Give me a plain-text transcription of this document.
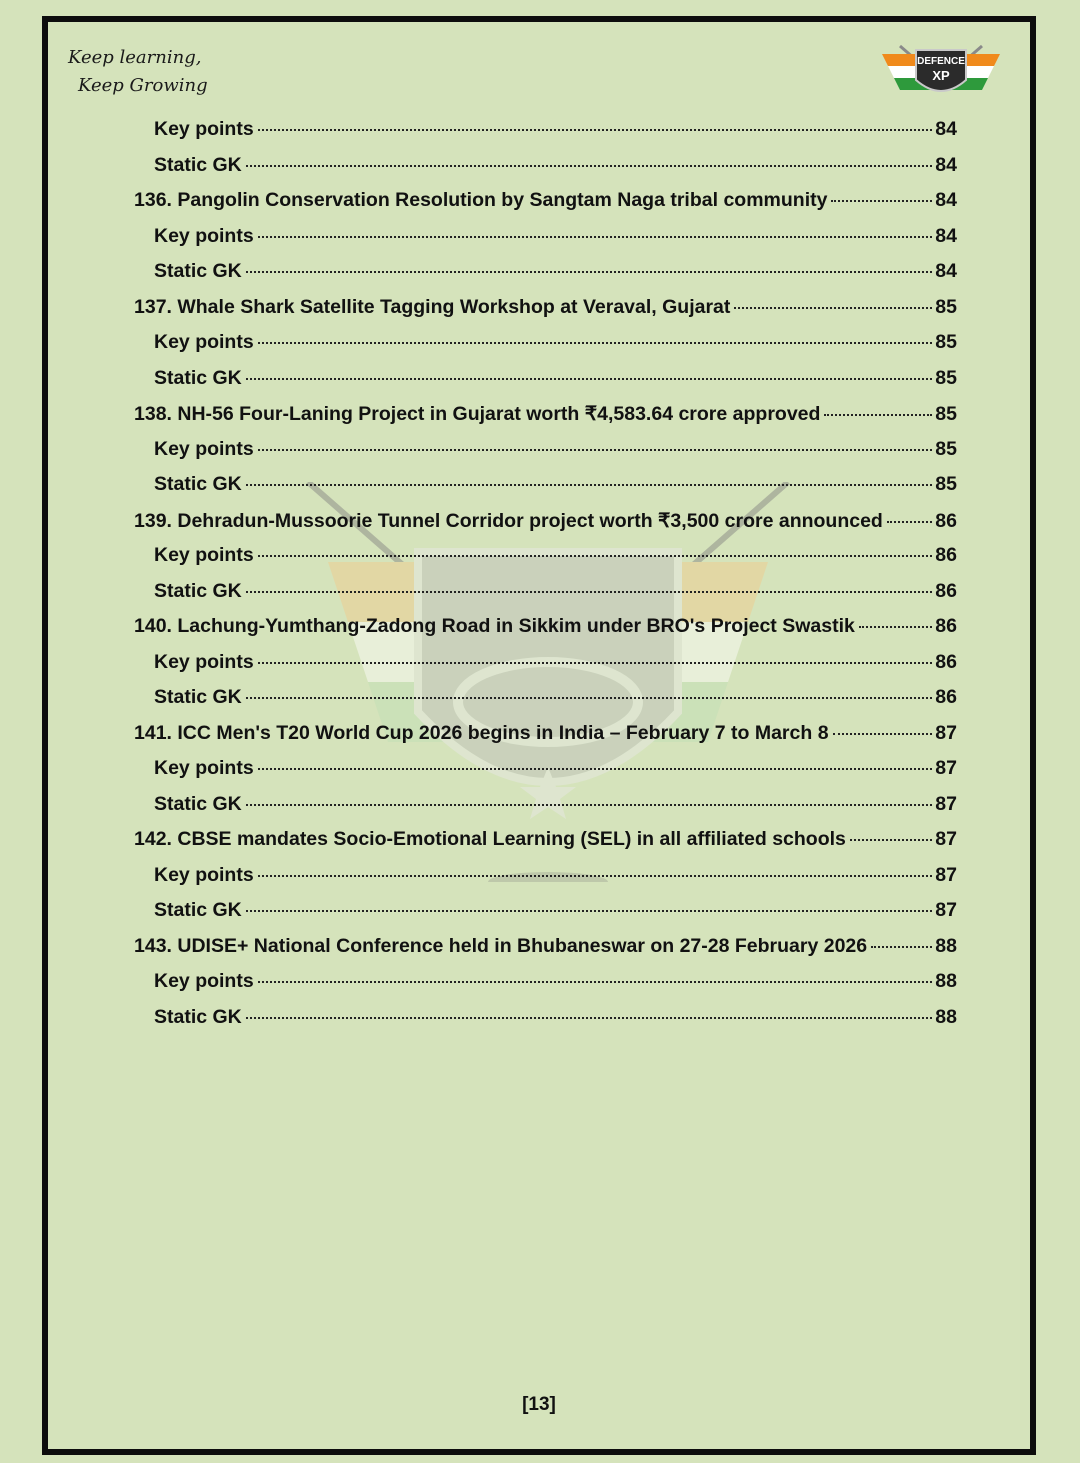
Keep learning,
Keep Growing
DEFENCE
XP
Key points	84
Static GK	84
136. Pangolin Conservation Resolution by Sangtam Naga tribal community	84
Key points	84
Static GK	84
137. Whale Shark Satellite Tagging Workshop at Veraval, Gujarat	85
Key points	85
Static GK	85
138. NH-56 Four-Laning Project in Gujarat worth ₹4,583.64 crore approved	85
Key points	85
Static GK	85
139. Dehradun-Mussoorie Tunnel Corridor project worth ₹3,500 crore announced	86
Key points	86
Static GK	86
140. Lachung-Yumthang-Zadong Road in Sikkim under BRO's Project Swastik	86
Key points	86
Static GK	86
141. ICC Men's T20 World Cup 2026 begins in India – February 7 to March 8	87
Key points	87
Static GK	87
142. CBSE mandates Socio-Emotional Learning (SEL) in all affiliated schools	87
Key points	87
Static GK	87
143. UDISE+ National Conference held in Bhubaneswar on 27-28 February 2026	88
Key points	88
Static GK	88
[13]
